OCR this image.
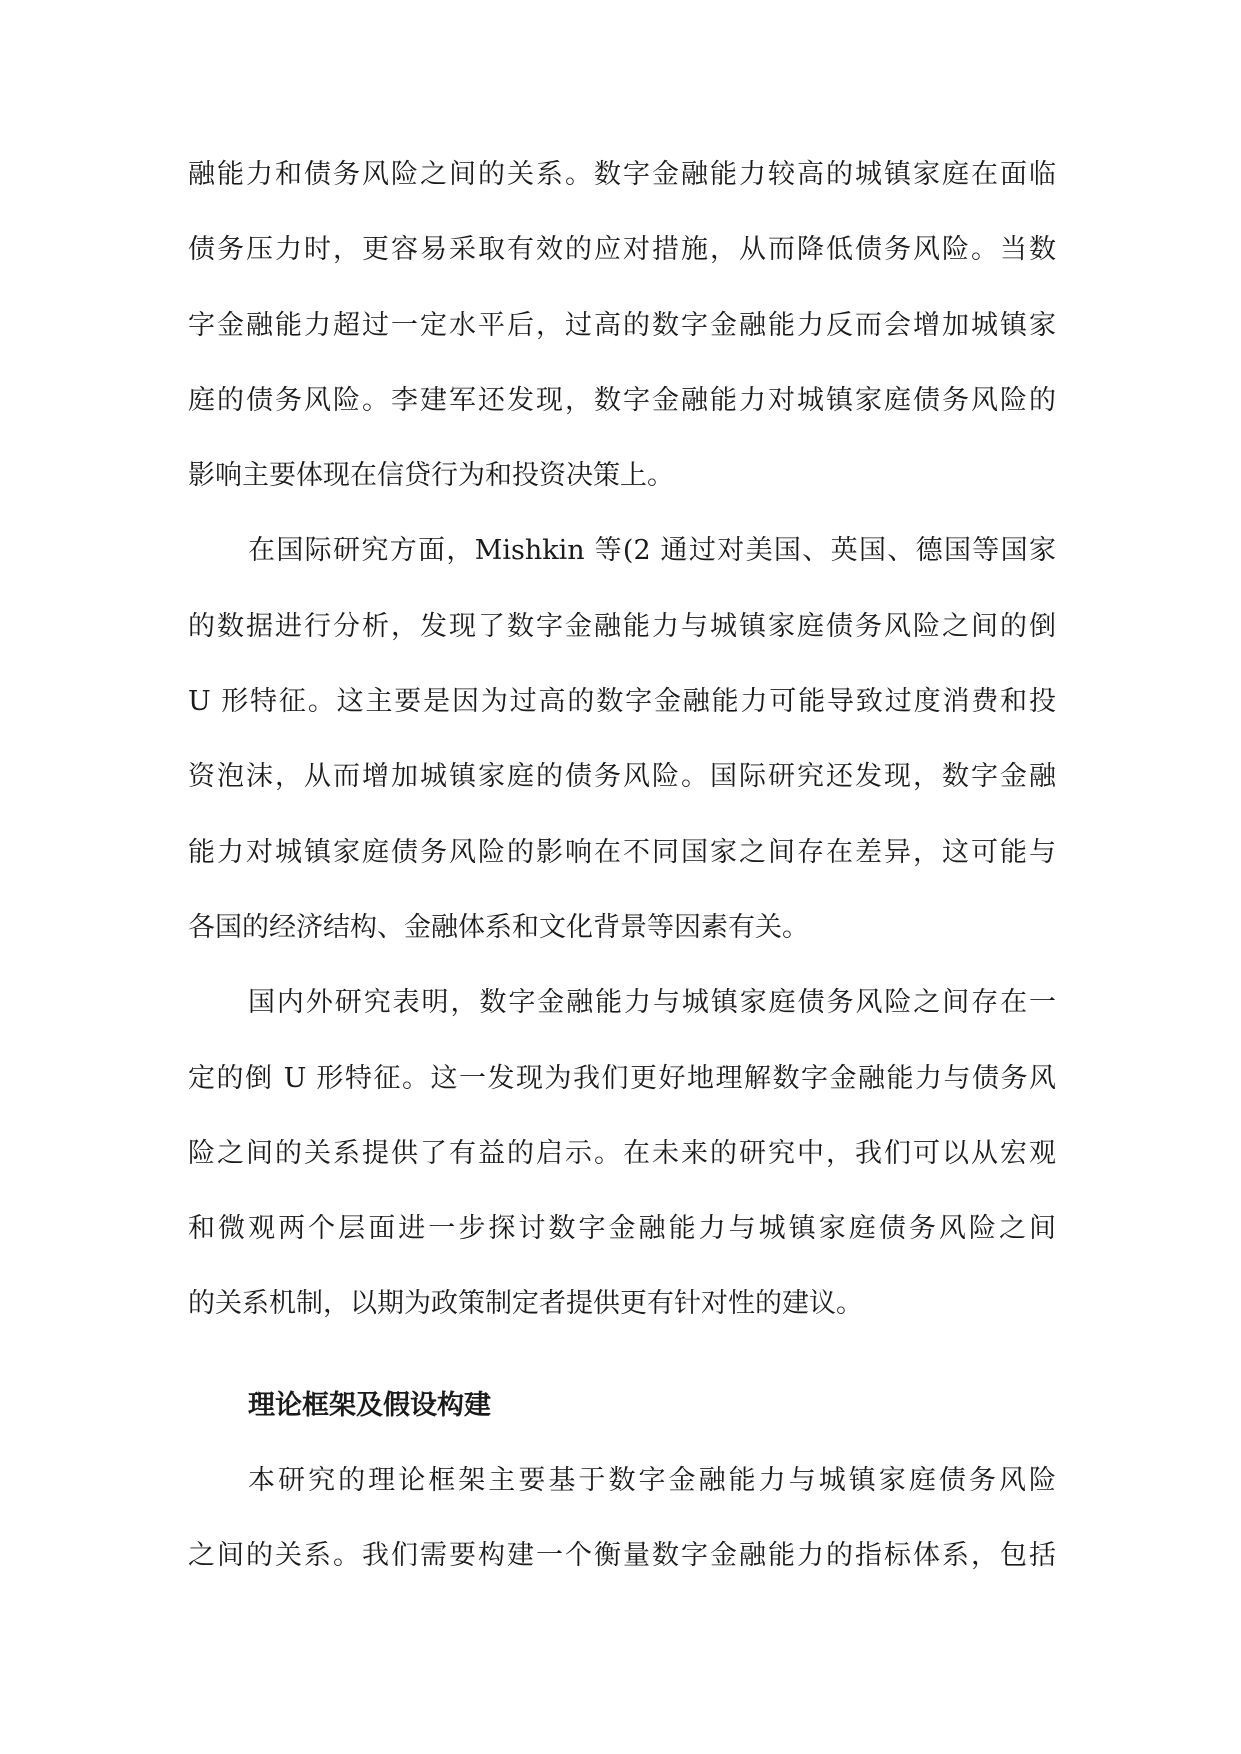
融能力和债务风险之间的关系。数字金融能力较高的城镇家庭在面临
债务压力时，更容易采取有效的应对措施，从而降低债务风险。当数
字金融能力超过一定水平后，过高的数字金融能力反而会增加城镇家
庭的债务风险。李建军还发现，数字金融能力对城镇家庭债务风险的
影响主要体现在信贷行为和投资决策上。
在国际研究方面，Mishkin 等(2 通过对美国、英国、德国等国家
的数据进行分析，发现了数字金融能力与城镇家庭债务风险之间的倒
U 形特征。这主要是因为过高的数字金融能力可能导致过度消费和投
资泡沫，从而增加城镇家庭的债务风险。国际研究还发现，数字金融
能力对城镇家庭债务风险的影响在不同国家之间存在差异，这可能与
各国的经济结构、金融体系和文化背景等因素有关。
国内外研究表明，数字金融能力与城镇家庭债务风险之间存在一
定的倒 U 形特征。这一发现为我们更好地理解数字金融能力与债务风
险之间的关系提供了有益的启示。在未来的研究中，我们可以从宏观
和微观两个层面进一步探讨数字金融能力与城镇家庭债务风险之间
的关系机制，以期为政策制定者提供更有针对性的建议。
理论框架及假设构建
本研究的理论框架主要基于数字金融能力与城镇家庭债务风险
之间的关系。我们需要构建一个衡量数字金融能力的指标体系，包括
